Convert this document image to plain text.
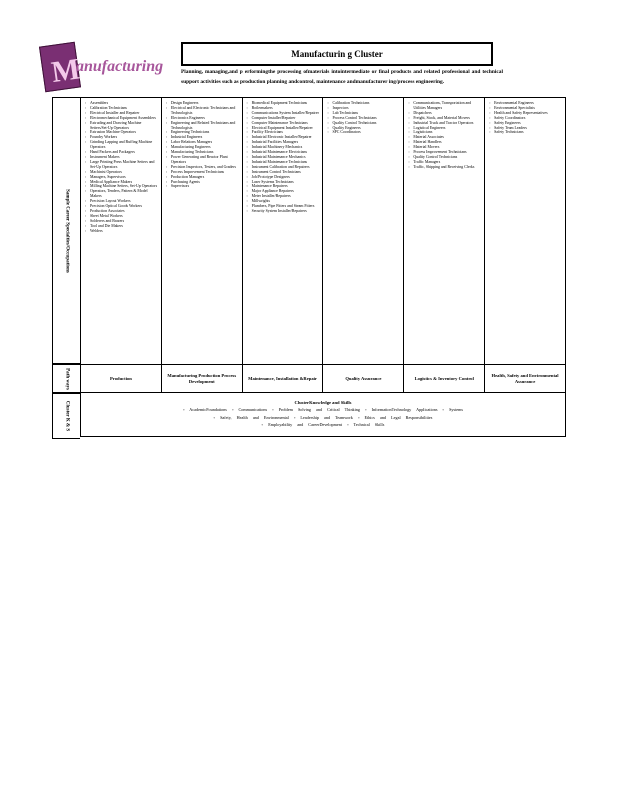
M
anufacturing
Manufacturin g Cluster
Planning, managing,and p erformingthe processing ofmaterials intointermediate or final products and related professional and technical support activities such as production planning andcontrol, maintenance andmanufacturer ing/process engineering.
Sample Career Specialties/Occupations
Path ways
Cluster K & S
▫ Assemblers
▫ Calibration Technicians
▫ Electrical Installer and Repairer
▫ Electromechanical Equipment Assemblers
▫ Extruding and Drawing Machine Setters/Set-Up Operators
▫ Extrusion Machine Operators
▫ Foundry Workers
▫ Grinding Lapping and Buffing Machine Operators
▫ Hand Packers and Packagers
▫ Instrument Makers
▫ Large Printing Press Machine Setters and Set-Up Operators
▫ Machinist Operators
▫ Managers, Supervisors
▫ Medical Appliance Makers
▫ Milling Machine Setters, Set-Up Operators
▫ Operators, Tenders, Pattern & Model Makers
▫ Precision Layout Workers
▫ Precision Optical Goods Workers
▫ Production Associates
▫ Sheet Metal Workers
▫ Solderers and Brazers
▫ Tool and Die Makers
▫ Welders
▫ Design Engineers
▫ Electrical and Electronic Technicians and Technologists
▫ Electronics Engineers
▫ Engineering and Related Technicians and Technologists
▫ Engineering Technicians
▫ Industrial Engineers
▫ Labor Relations Managers
▫ Manufacturing Engineers
▫ Manufacturing Technicians
▫ Power Generating and Reactor Plant Operators
▫ Precision Inspectors, Testers, and Graders
▫ Process Improvement Technicians
▫ Production Managers
▫ Purchasing Agents
▫ Supervisors
▫ Biomedical Equipment Technicians
▫ Boilermakers
▫ Communications System Installer/Repairer
▫ Computer Installer/Repairer
▫ Computer Maintenance Technicians
▫ Electrical Equipment Installer/Repairer
▫ Facility Electricians
▫ Industrial Electronic Installer/Repairer
▫ Industrial Facilities Managers
▫ Industrial Machinery Mechanics
▫ Industrial Maintenance Electricians
▫ Industrial Maintenance Mechanics
▫ Industrial Maintenance Technicians
▫ Instrument Calibration and Repairers
▫ Instrument Control Technicians
▫ Job/Prototype Designers
▫ Laser Systems Technicians
▫ Maintenance Repairers
▫ Major Appliance Repairers
▫ Meter Installer/Repairers
▫ Millwrights
▫ Plumbers, Pipe Fitters and Steam Fitters
▫ Security System Installer/Repairers
▫ Calibration Technicians
▫ Inspectors
▫ Lab Technicians
▫ Process Control Technicians
▫ Quality Control Technicians
▫ Quality Engineers
▫ SPC Coordinators
▫ Communications, Transportation and Utilities Managers
▫ Dispatchers
▫ Freight, Stock, and Material Movers
▫ Industrial Truck and Tractor Operators
▫ Logistical Engineers
▫ Logisticians
▫ Material Associates
▫ Material Handlers
▫ Material Movers
▫ Process Improvement Technicians
▫ Quality Control Technicians
▫ Traffic Managers
▫ Traffic, Shipping and Receiving Clerks
▫ Environmental Engineers
▫ Environmental Specialists
▫ Health and Safety Representatives
▫ Safety Coordinators
▫ Safety Engineers
▫ Safety Team Leaders
▫ Safety Technicians
Production
Manufacturing Production Process Development
Maintenance, Installation &Repair	Quality Assurance	Logistics & Inventory Control
Health, Safety and Environmental Assurance
ClusterKnowledge and Skills
▫ AcademicFoundations ▫ Communications ▫ Problem Solving and Critical Thinking ▫ InformationTechnology Applications ▫ Systems
▫ Safety, Health and Environmental ▫ Leadership and Teamwork ▫ Ethics and Legal Responsibilities
▫ Employability and CareerDevelopment ▫ Technical Skills
